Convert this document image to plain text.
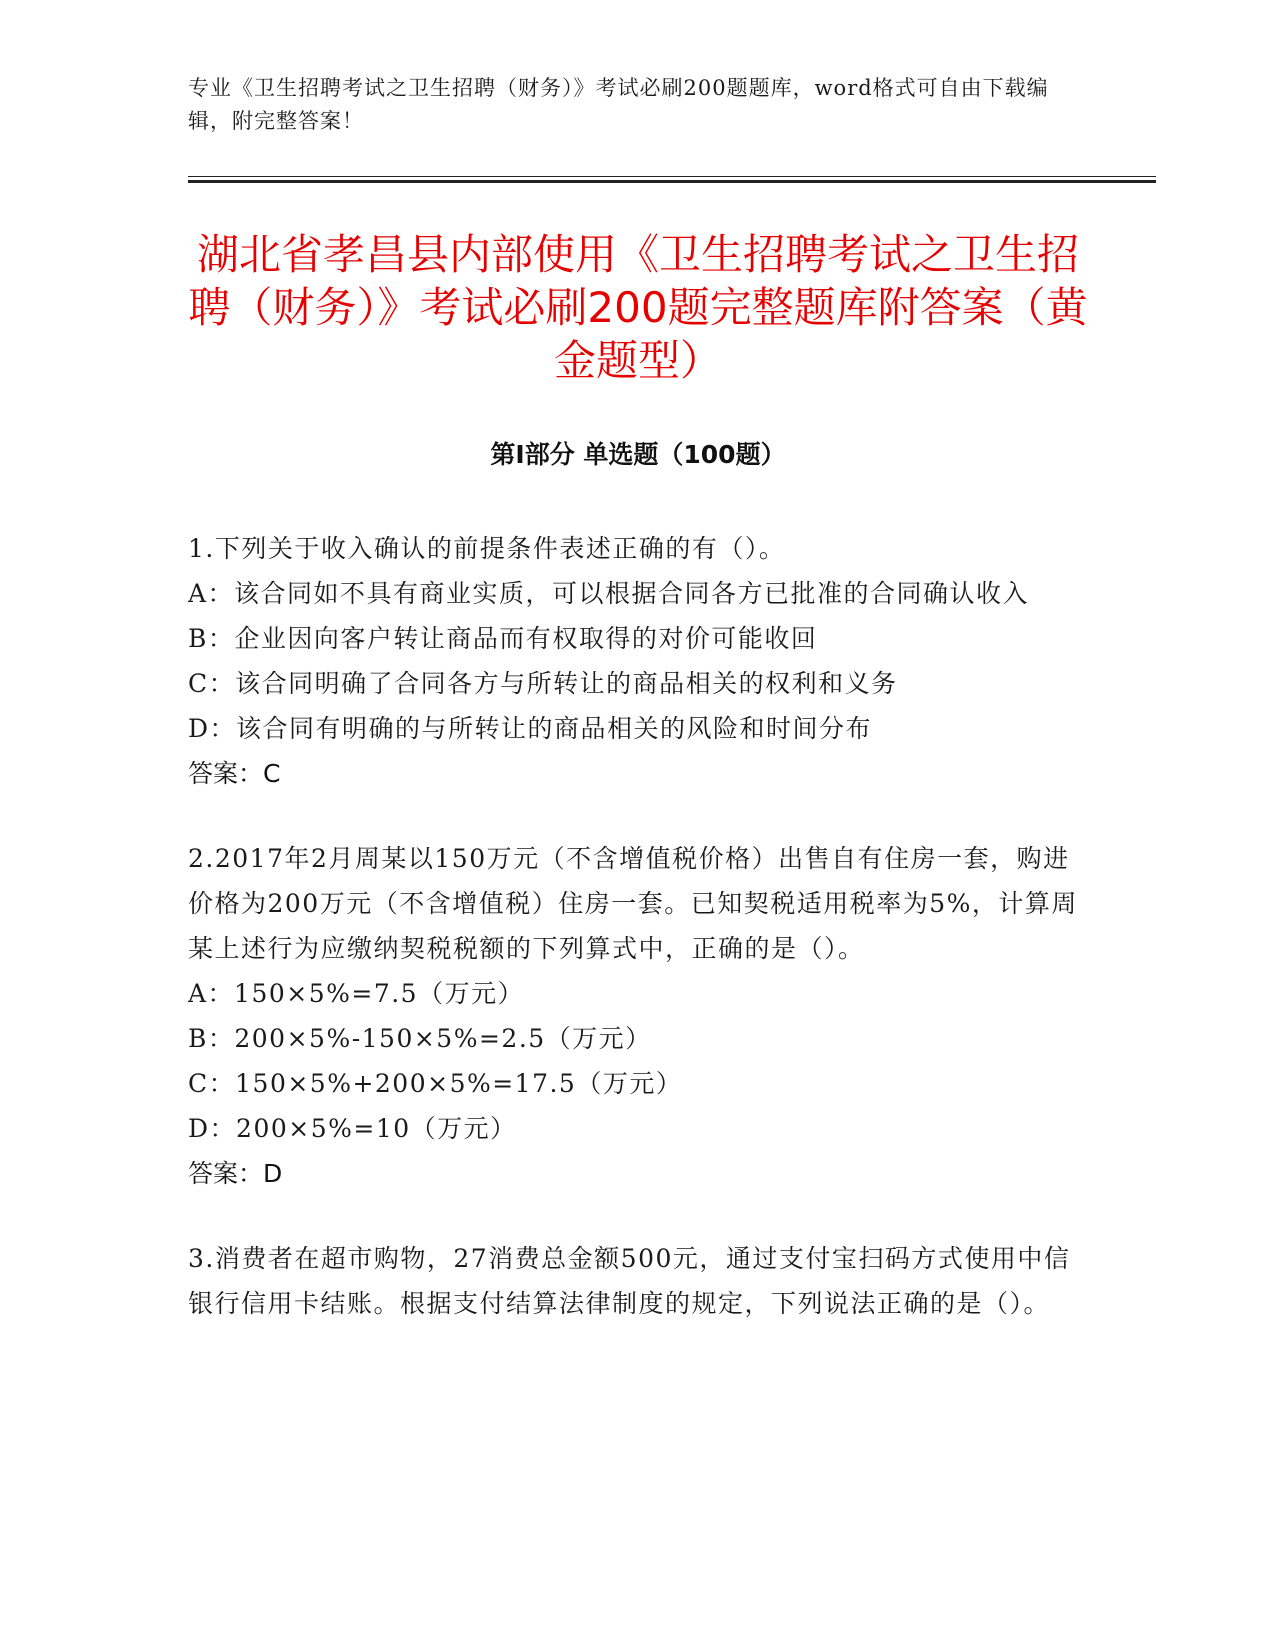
专业《卫生招聘考试之卫生招聘（财务）》考试必刷200题题库，word格式可自由下载编辑，附完整答案！
湖北省孝昌县内部使用《卫生招聘考试之卫生招聘（财务）》考试必刷200题完整题库附答案（黄金题型）
第Ⅰ部分 单选题（100题）

1.下列关于收入确认的前提条件表述正确的有（）。

A：该合同如不具有商业实质，可以根据合同各方已批准的合同确认收入

B：企业因向客户转让商品而有权取得的对价可能收回

C：该合同明确了合同各方与所转让的商品相关的权利和义务

D：该合同有明确的与所转让的商品相关的风险和时间分布

答案：C

2.2017年2月周某以150万元（不含增值税价格）出售自有住房一套，购进价格为200万元（不含增值税）住房一套。已知契税适用税率为5%，计算周某上述行为应缴纳契税税额的下列算式中，正确的是（）。

A：150×5%=7.5（万元）

B：200×5%-150×5%=2.5（万元）

C：150×5%+200×5%=17.5（万元）

D：200×5%=10（万元）

答案：D

3.消费者在超市购物，27消费总金额500元，通过支付宝扫码方式使用中信银行信用卡结账。根据支付结算法律制度的规定，下列说法正确的是（）。
